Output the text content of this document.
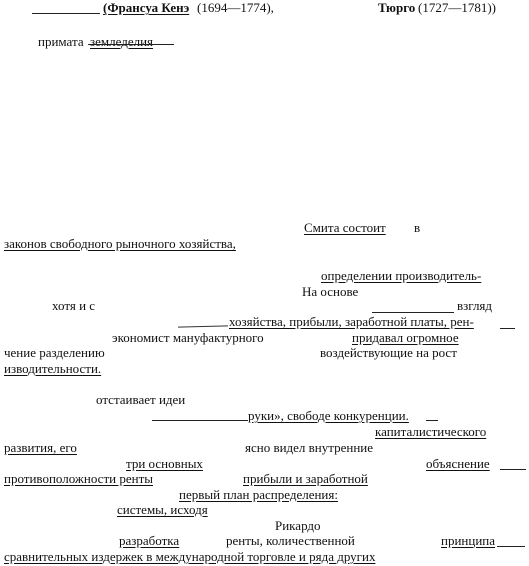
(Франсуа Кенэ (1694—1774),	Тюрго (1727—1781))
примата земледелия
Смита состоит в
законов свободного рыночного хозяйства,
определении производитель-
На основе
хотя и с	взгляд
хозяйства, прибыли, заработной платы, рен-
экономист мануфактурного	придавал огромное
чение разделению	воздействующие на рост
изводительности.
отстаивает идеи
руки», свободе конкуренции.
капиталистического
развития, его	ясно видел внутренние
три основных	объяснение
противоположности ренты	прибыли и заработной
первый план распределения:
системы, исходя
Рикардо
разработка	ренты, количественной	принципа
сравнительных издержек в международной торговле и ряда других
